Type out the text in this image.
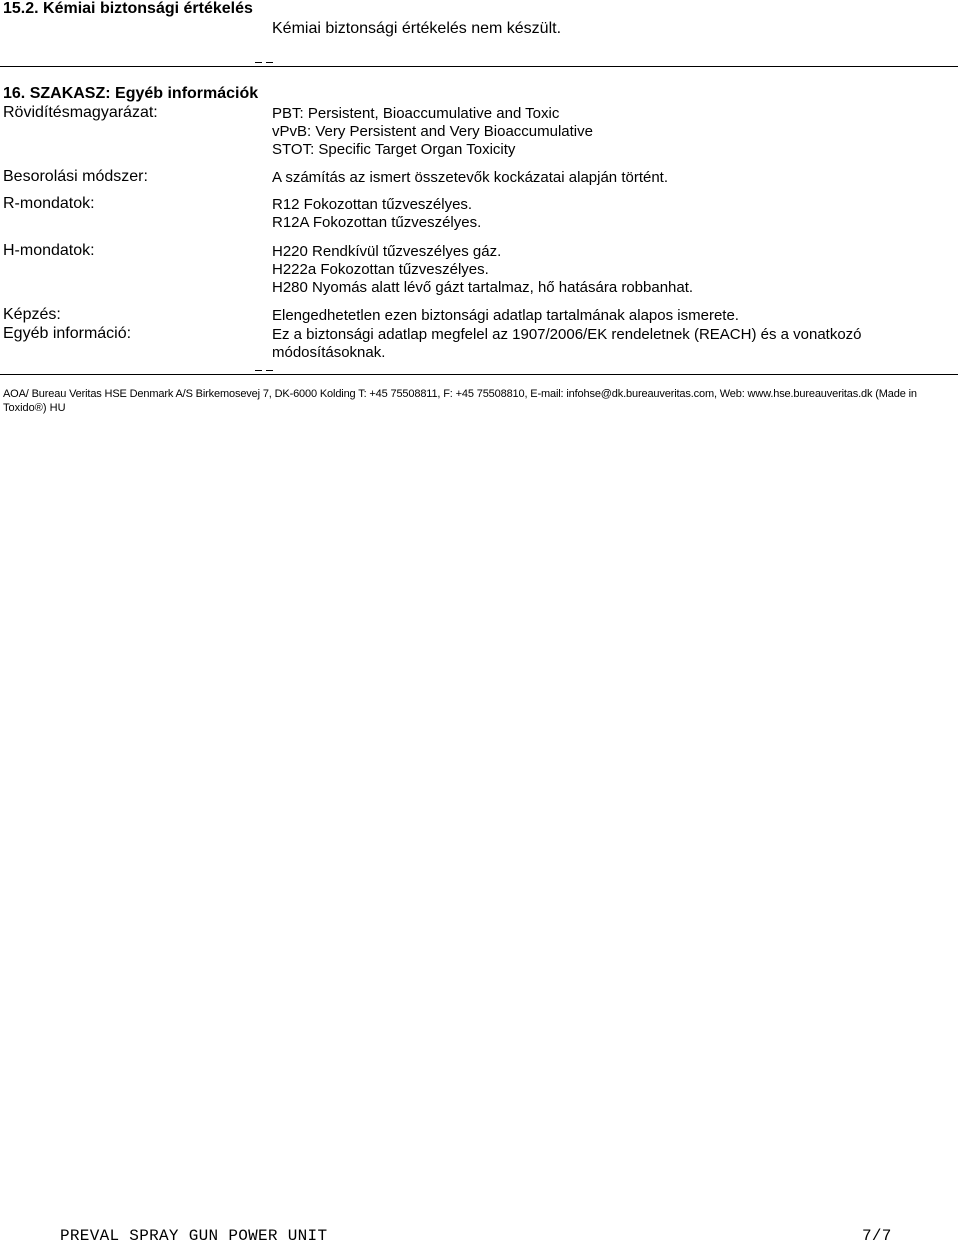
15.2. Kémiai biztonsági értékelés
Kémiai biztonsági értékelés nem készült.
16. SZAKASZ: Egyéb információk
Rövidítésmagyarázat:	PBT: Persistent, Bioaccumulative and Toxic
vPvB: Very Persistent and Very Bioaccumulative
STOT: Specific Target Organ Toxicity
Besorolási módszer:	A számítás az ismert összetevők kockázatai alapján történt.
R-mondatok:	R12 Fokozottan tűzveszélyes.
R12A Fokozottan tűzveszélyes.
H-mondatok:	H220 Rendkívül tűzveszélyes gáz.
H222a Fokozottan tűzveszélyes.
H280 Nyomás alatt lévő gázt tartalmaz, hő hatására robbanhat.
Képzés:	Elengedhetetlen ezen biztonsági adatlap tartalmának alapos ismerete.
Egyéb információ:	Ez a biztonsági adatlap megfelel az 1907/2006/EK rendeletnek (REACH) és a vonatkozó
módosításoknak.
AOA/ Bureau Veritas HSE Denmark A/S Birkemosevej 7, DK-6000 Kolding T: +45 75508811, F: +45 75508810, E-mail: infohse@dk.bureauveritas.com, Web: www.hse.bureauveritas.dk (Made in
Toxido®) HU
PREVAL SPRAY GUN POWER UNIT	7/7
